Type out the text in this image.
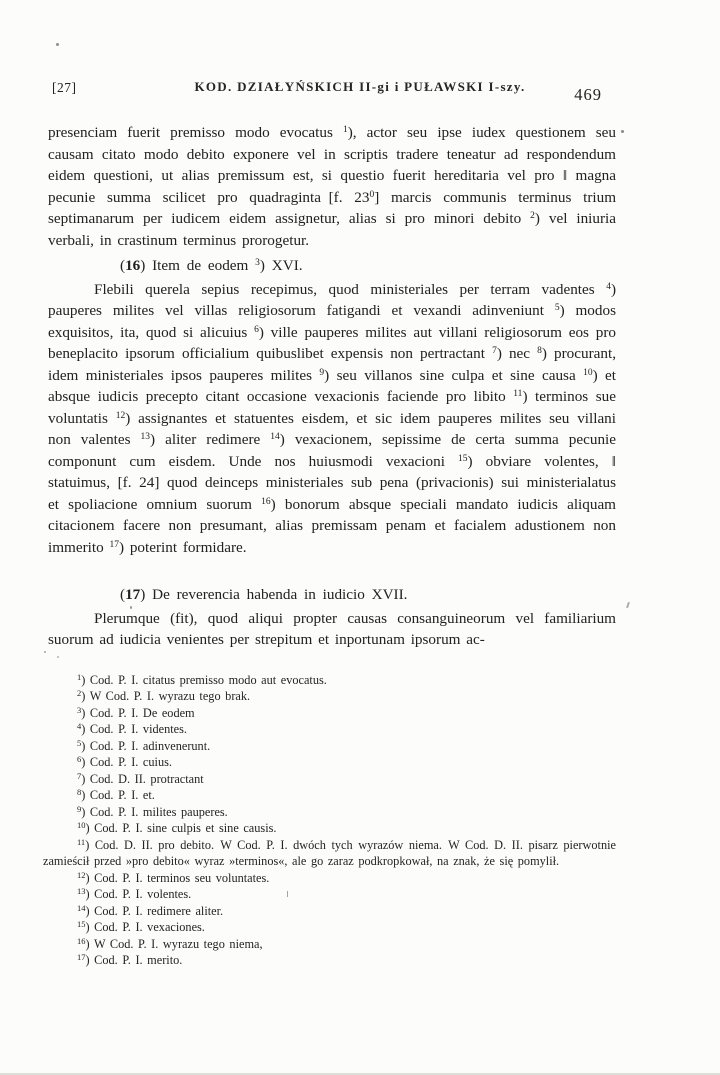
[27]	KOD. DZIAŁYŃSKICH II-gi i PUŁAWSKI I-szy.	469

presenciam fuerit premisso modo evocatus $^1$), actor seu ipse iudex questionem seu causam citato modo debito exponere vel in scriptis tradere teneatur ad respondendum eidem questioni, ut alias premissum est, si questio fuerit hereditaria vel pro ‖ magna pecunie summa scilicet pro quadraginta [f. $23^0$] marcis communis terminus trium septimanarum per iudicem eidem assignetur, alias si pro minori debito $^2$) vel iniuria verbali, in crastinum terminus prorogetur.

(16) Item de eodem $^3$) XVI.

Flebili querela sepius recepimus, quod ministeriales per terram vadentes $^4$) pauperes milites vel villas religiosorum fatigandi et vexandi adinveniunt $^5$) modos exquisitos, ita, quod si alicuius $^6$) ville pauperes milites aut villani religiosorum eos pro beneplacito ipsorum officialium quibuslibet expensis non pertractant $^7$) nec $^8$) procurant, idem ministeriales ipsos pauperes milites $^9$) seu villanos sine culpa et sine causa $^{10}$) et absque iudicis precepto citant occasione vexacionis faciende pro libito $^{11}$) terminos sue voluntatis $^{12}$) assignantes et statuentes eisdem, et sic idem pauperes milites seu villani non valentes $^{13}$) aliter redimere $^{14}$) vexacionem, sepissime de certa summa pecunie componunt cum eisdem. Unde nos huiusmodi vexacioni $^{15}$) obviare volentes, ‖ statuimus, [f. 24] quod deinceps ministeriales sub pena (privacionis) sui ministerialatus et spoliacione omnium suorum $^{16}$) bonorum absque speciali mandato iudicis aliquam citacionem facere non presumant, alias premissam penam et facialem adustionem non immerito $^{17}$) poterint formidare.

(17) De reverencia habenda in iudicio XVII.

Plerumque (fit), quod aliqui propter causas consanguineorum vel familiarium suorum ad iudicia venientes per strepitum et inportunam ipsorum ac-

$^1$) Cod. P. I. citatus premisso modo aut evocatus.
$^2$) W Cod. P. I. wyrazu tego brak.
$^3$) Cod. P. I. De eodem
$^4$) Cod. P. I. videntes.
$^5$) Cod. P. I. adinvenerunt.
$^6$) Cod. P. I. cuius.
$^7$) Cod. D. II. protractant
$^8$) Cod. P. I. et.
$^9$) Cod. P. I. milites pauperes.
$^{10}$) Cod. P. I. sine culpis et sine causis.
$^{11}$) Cod. D. II. pro debito. W Cod. P. I. dwóch tych wyrazów niema. W Cod. D. II. pisarz pierwotnie zamieścił przed »pro debito« wyraz »terminos«, ale go zaraz podkropkował, na znak, że się pomylił.
$^{12}$) Cod. P. I. terminos seu voluntates.
$^{13}$) Cod. P. I. volentes.
$^{14}$) Cod. P. I. redimere aliter.
$^{15}$) Cod. P. I. vexaciones.
$^{16}$) W Cod. P. I. wyrazu tego niema,
$^{17}$) Cod. P. I. merito.
